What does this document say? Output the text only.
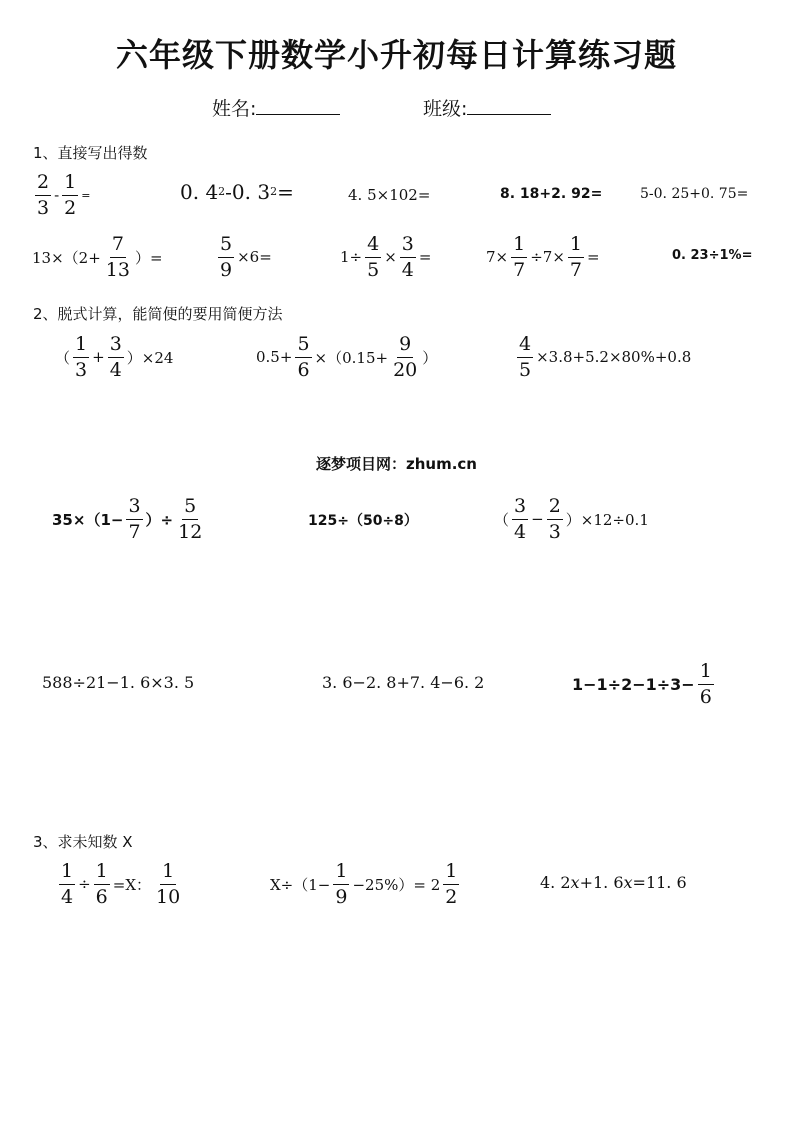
六年级下册数学小升初每日计算练习题
姓名:	班级:
1、直接写出得数
$\frac{2}{3} - \frac{1}{2}$ =	0. 4 2 -0. 3 2 =	4. 5×102=	8. 18+2. 92=	5-0. 25+0. 75=
$13\times(2+ \frac{7}{13}$ ）=	$\frac{5}{9} \times 6=$	$1\div \frac{4}{5} \times \frac{3}{4}$ =	$7\times \frac{1}{7} \div 7\times \frac{1}{7}$ =	0. 23÷1%=
2、脱式计算，能简便的要用简便方法
（ $\frac{1}{3} + \frac{3}{4} )\times 24$	$0.5+ \frac{5}{6} \times(0.15+ \frac{9}{20}$ ）	$\frac{4}{5} \times 3.8+5.2\times 80\%+0.8$
逐梦项目网：zhum.cn
$35\times(1- \frac{3}{7}$ ）÷ $\frac{5}{12}$	125÷（50÷8）	（ $\frac{3}{4} - \frac{2}{3} )\times 12\div 0.1$
588÷21−1. 6×3. 5	3. 6−2. 8+7. 4−6. 2	$1-1\div 2-1\div 3- \frac{1}{6}$
3、求未知数 X
$\frac{1}{4} \div \frac{1}{6} =X$： $\frac{1}{10}$	$X\div(1- \frac{1}{9} -25\%)= 2 \frac{1}{2}$	4. 2 x +1. 6 x =11. 6
